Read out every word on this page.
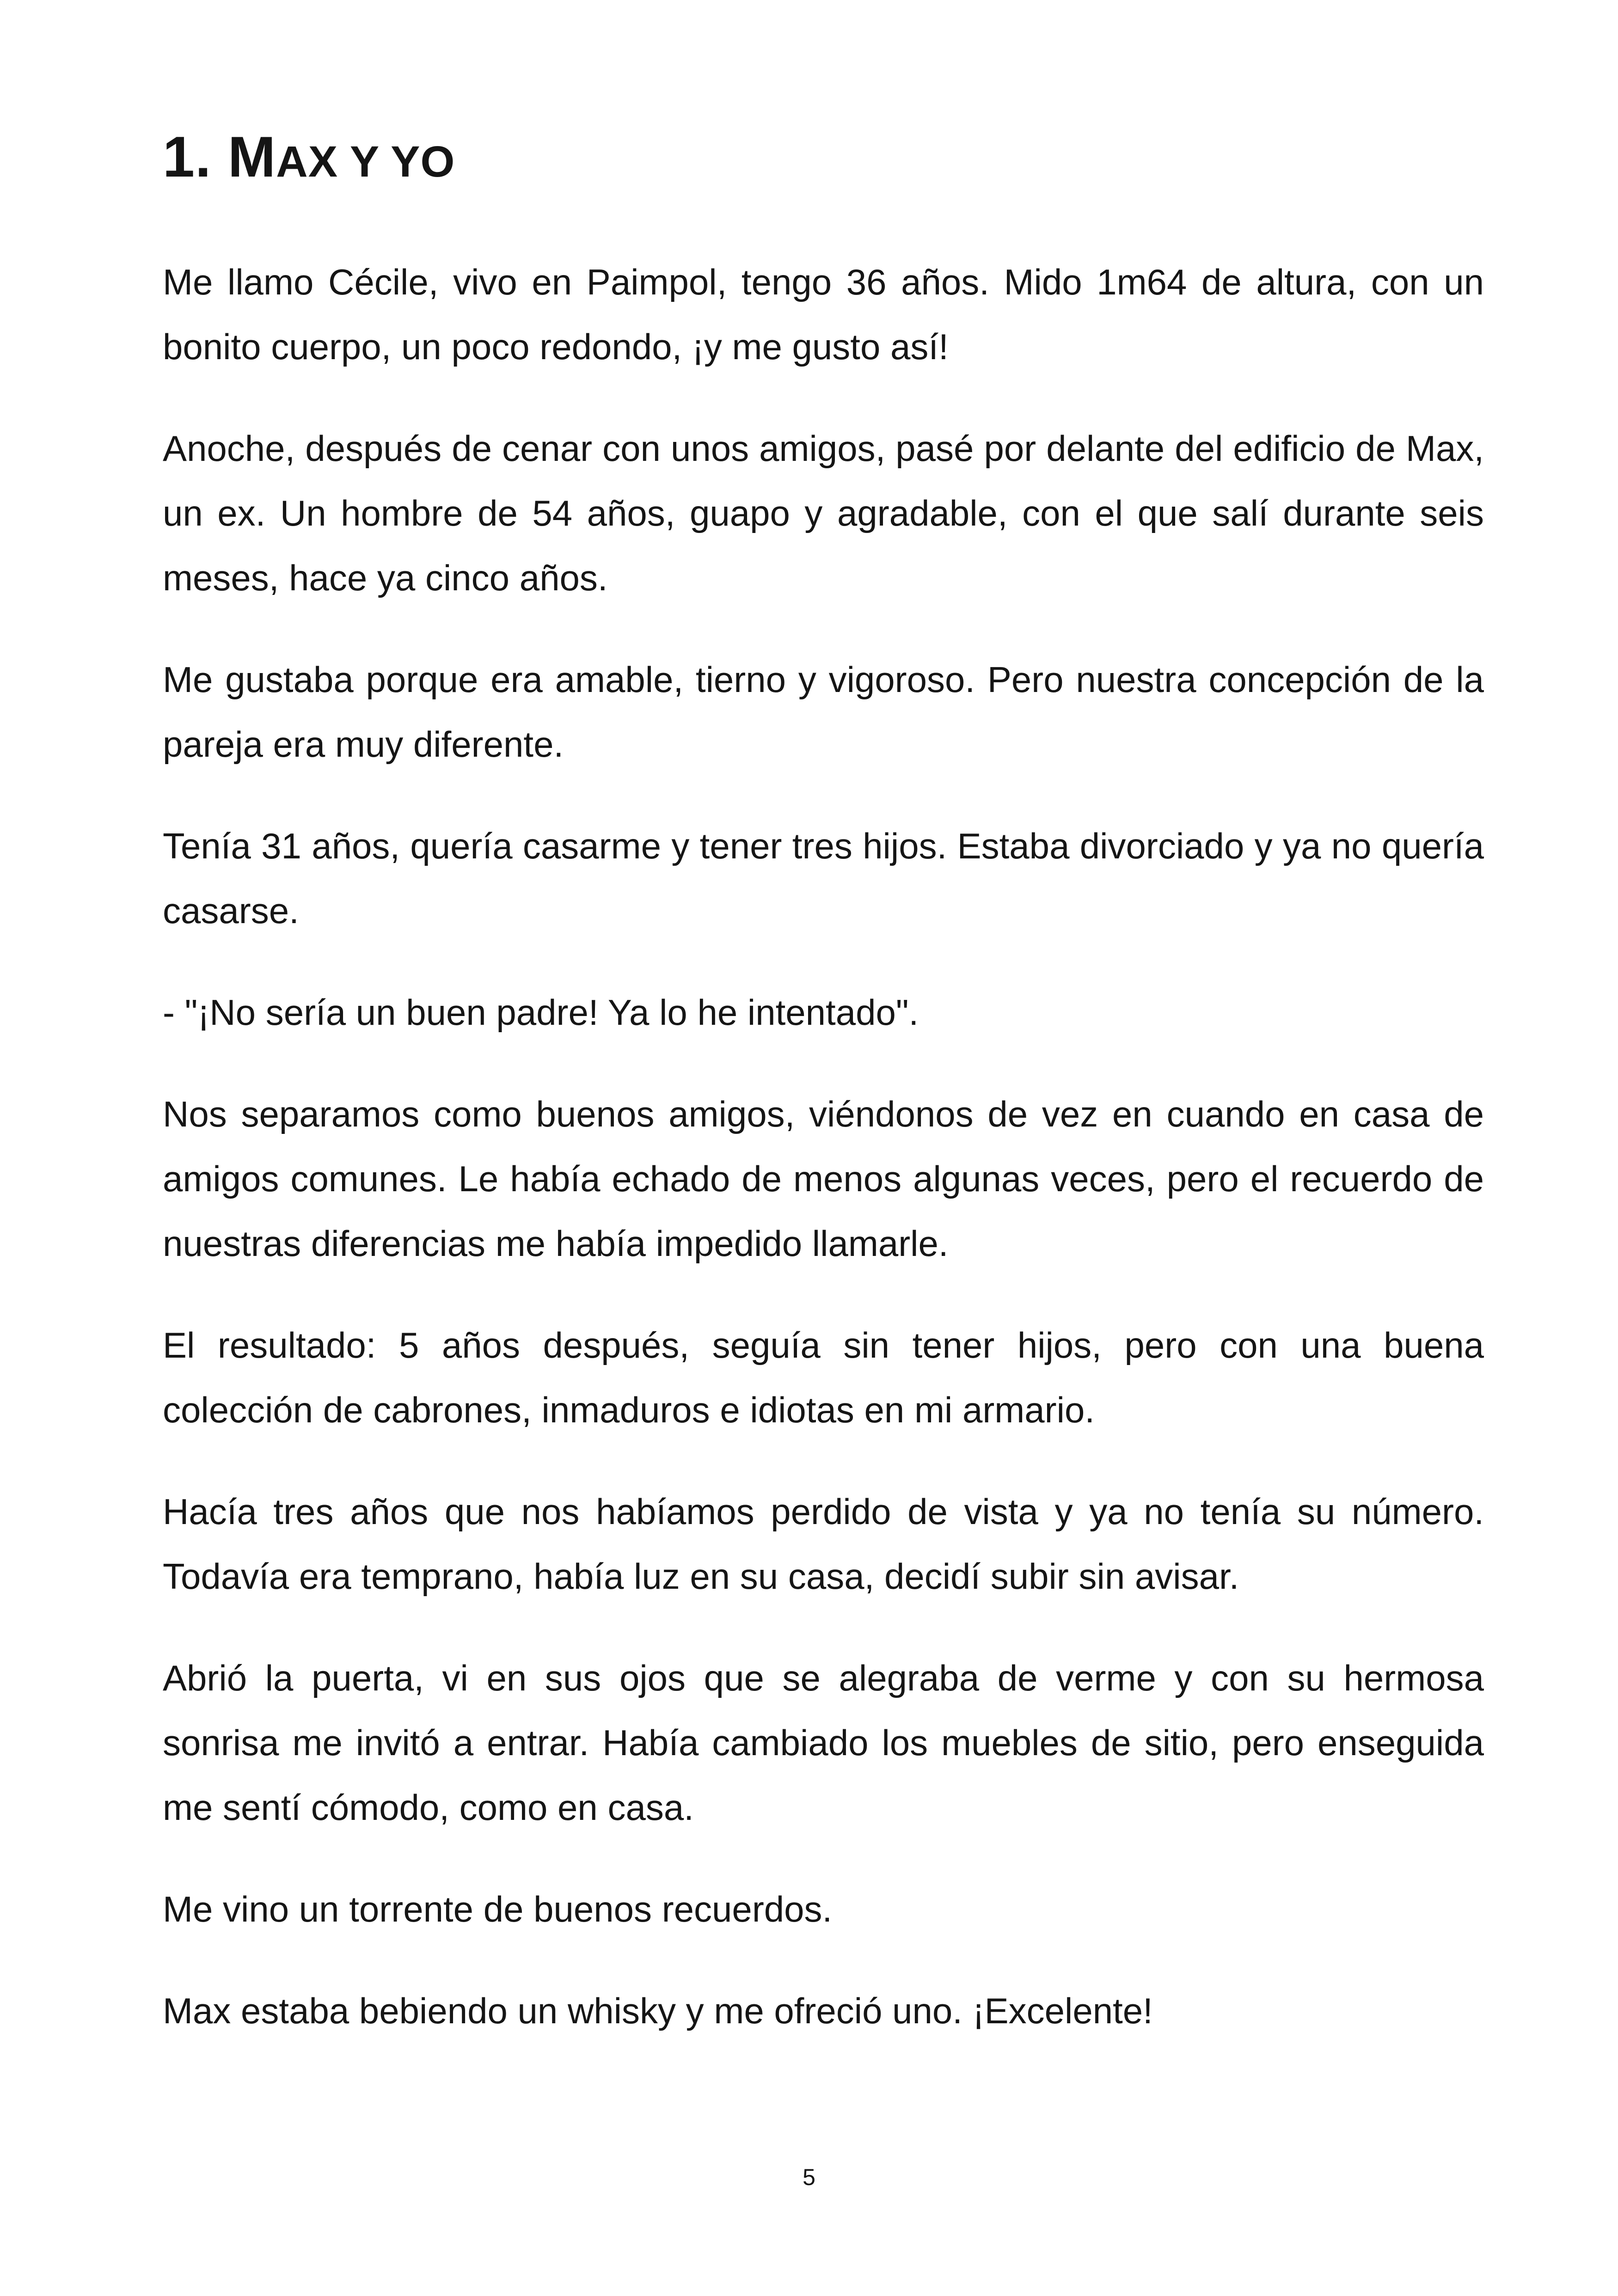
1. MAX Y YO

Me llamo Cécile, vivo en Paimpol, tengo 36 años. Mido 1m64 de altura, con un bonito cuerpo, un poco redondo, ¡y me gusto así!

Anoche, después de cenar con unos amigos, pasé por delante del edificio de Max, un ex. Un hombre de 54 años, guapo y agradable, con el que salí durante seis meses, hace ya cinco años.

Me gustaba porque era amable, tierno y vigoroso. Pero nuestra concepción de la pareja era muy diferente.

Tenía 31 años, quería casarme y tener tres hijos. Estaba divorciado y ya no quería casarse.

- "¡No sería un buen padre! Ya lo he intentado".

Nos separamos como buenos amigos, viéndonos de vez en cuando en casa de amigos comunes. Le había echado de menos algunas veces, pero el recuerdo de nuestras diferencias me había impedido llamarle.

El resultado: 5 años después, seguía sin tener hijos, pero con una buena colección de cabrones, inmaduros e idiotas en mi armario.

Hacía tres años que nos habíamos perdido de vista y ya no tenía su número. Todavía era temprano, había luz en su casa, decidí subir sin avisar.

Abrió la puerta, vi en sus ojos que se alegraba de verme y con su hermosa sonrisa me invitó a entrar. Había cambiado los muebles de sitio, pero enseguida me sentí cómodo, como en casa.

Me vino un torrente de buenos recuerdos.

Max estaba bebiendo un whisky y me ofreció uno. ¡Excelente!

5
